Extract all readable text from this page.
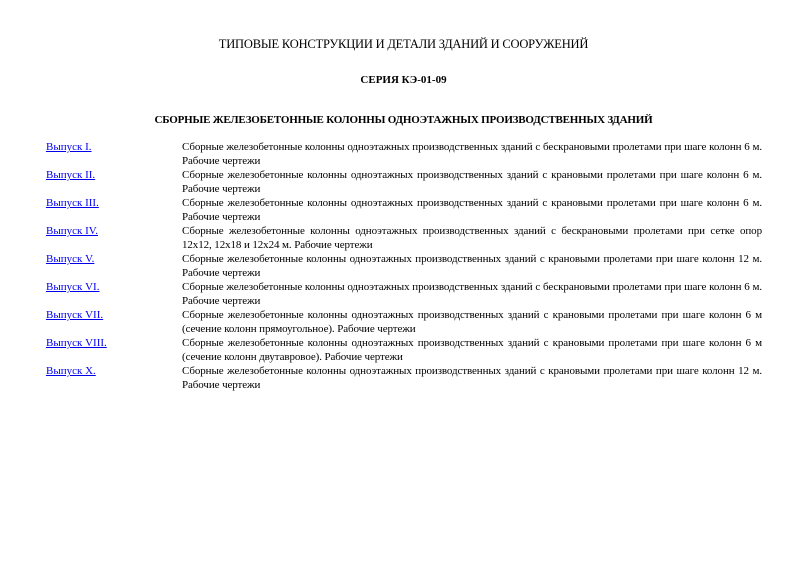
ТИПОВЫЕ КОНСТРУКЦИИ И ДЕТАЛИ ЗДАНИЙ И СООРУЖЕНИЙ
СЕРИЯ КЭ-01-09
СБОРНЫЕ ЖЕЛЕЗОБЕТОННЫЕ КОЛОННЫ ОДНОЭТАЖНЫХ ПРОИЗВОДСТВЕННЫХ ЗДАНИЙ
Выпуск I.	Сборные железобетонные колонны одноэтажных производственных зданий с бескрановыми пролетами при шаге колонн 6 м. Рабочие чертежи
Выпуск II.	Сборные железобетонные колонны одноэтажных производственных зданий с крановыми пролетами при шаге колонн 6 м. Рабочие чертежи
Выпуск III.	Сборные железобетонные колонны одноэтажных производственных зданий с крановыми пролетами при шаге колонн 6 м. Рабочие чертежи
Выпуск IV.	Сборные железобетонные колонны одноэтажных производственных зданий с бескрановыми пролетами при сетке опор 12x12, 12x18 и 12x24 м. Рабочие чертежи
Выпуск V.	Сборные железобетонные колонны одноэтажных производственных зданий с крановыми пролетами при шаге колонн 12 м. Рабочие чертежи
Выпуск VI.	Сборные железобетонные колонны одноэтажных производственных зданий с бескрановыми пролетами при шаге колонн 6 м. Рабочие чертежи
Выпуск VII.	Сборные железобетонные колонны одноэтажных производственных зданий с крановыми пролетами при шаге колонн 6 м (сечение колонн прямоугольное). Рабочие чертежи
Выпуск VIII.	Сборные железобетонные колонны одноэтажных производственных зданий с крановыми пролетами при шаге колонн 6 м (сечение колонн двутавровое). Рабочие чертежи
Выпуск X.	Сборные железобетонные колонны одноэтажных производственных зданий с крановыми пролетами при шаге колонн 12 м. Рабочие чертежи
